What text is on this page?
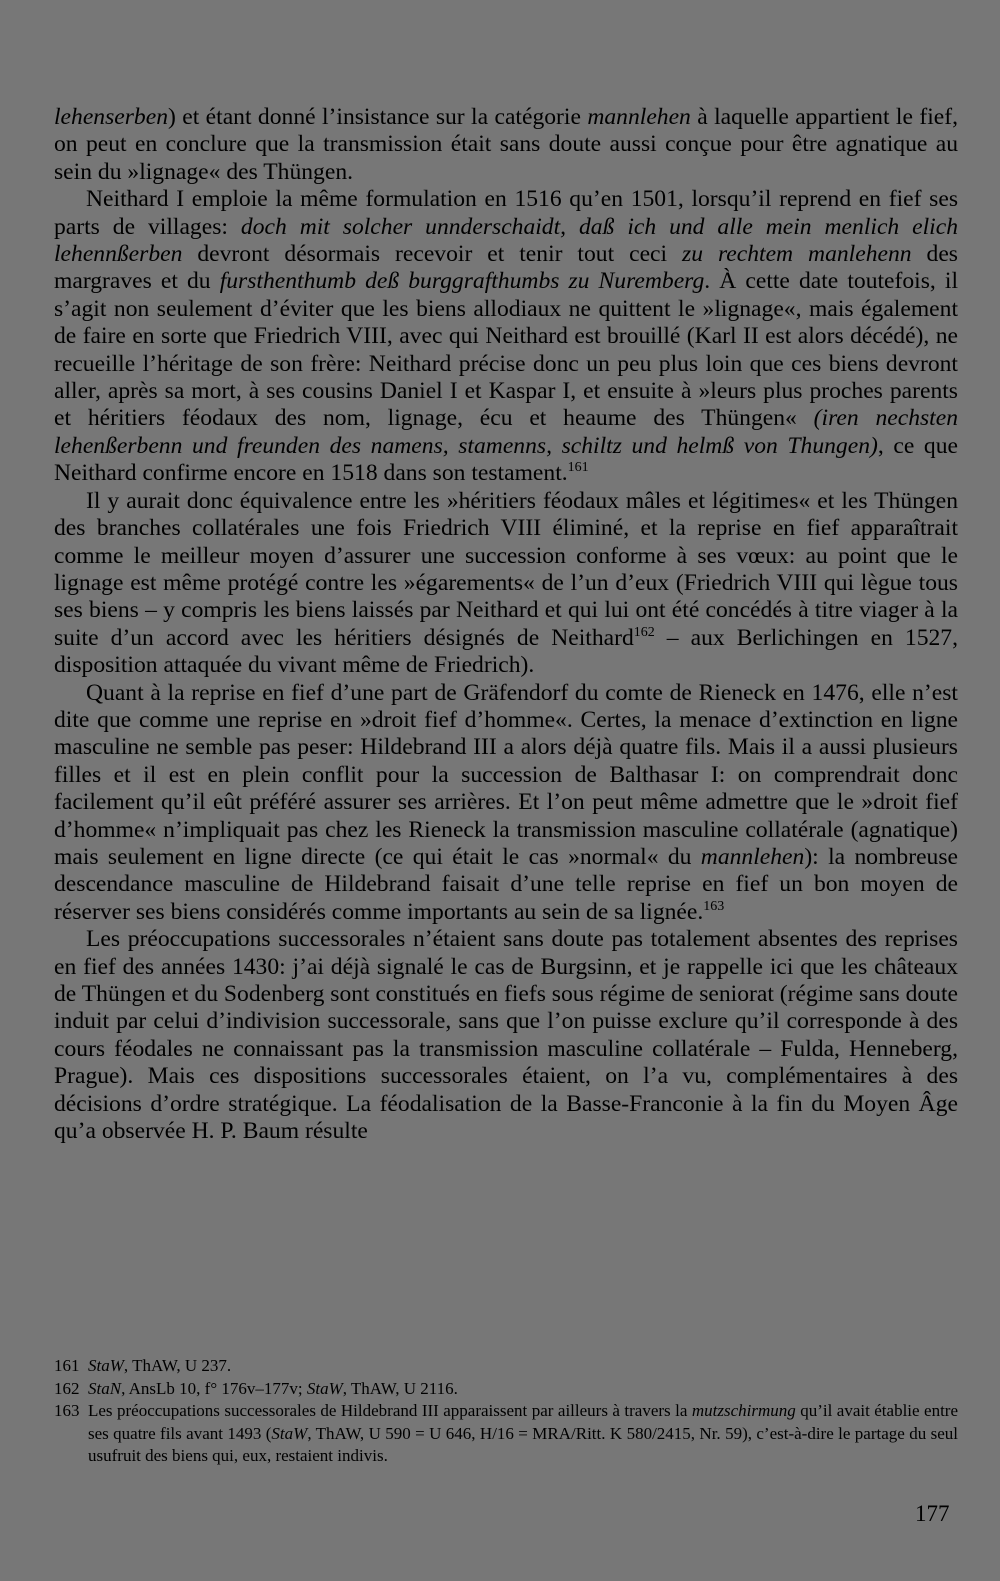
lehenserben) et étant donné l’insistance sur la catégorie mannlehen à laquelle appartient le fief, on peut en conclure que la transmission était sans doute aussi conçue pour être agnatique au sein du »lignage« des Thüngen.

Neithard I emploie la même formulation en 1516 qu’en 1501, lorsqu’il reprend en fief ses parts de villages: doch mit solcher unnderschaidt, daß ich und alle mein menlich elich lehennßerben devront désormais recevoir et tenir tout ceci zu rechtem manlehenn des margraves et du fursthenthumb deß burggrafthumbs zu Nuremberg. À cette date toutefois, il s’agit non seulement d’éviter que les biens allodiaux ne quittent le »lignage«, mais également de faire en sorte que Friedrich VIII, avec qui Neithard est brouillé (Karl II est alors décédé), ne recueille l’héritage de son frère: Neithard précise donc un peu plus loin que ces biens devront aller, après sa mort, à ses cousins Daniel I et Kaspar I, et ensuite à »leurs plus proches parents et héritiers féodaux des nom, lignage, écu et heaume des Thüngen« (iren nechsten lehenßerbenn und freunden des namens, stamenns, schiltz und helmß von Thungen), ce que Neithard confirme encore en 1518 dans son testament.$^{161}$

Il y aurait donc équivalence entre les »héritiers féodaux mâles et légitimes« et les Thüngen des branches collatérales une fois Friedrich VIII éliminé, et la reprise en fief apparaîtrait comme le meilleur moyen d’assurer une succession conforme à ses vœux: au point que le lignage est même protégé contre les »égarements« de l’un d’eux (Friedrich VIII qui lègue tous ses biens – y compris les biens laissés par Neithard et qui lui ont été concédés à titre viager à la suite d’un accord avec les héritiers désignés de Neithard$^{162}$ – aux Berlichingen en 1527, disposition attaquée du vivant même de Friedrich).

Quant à la reprise en fief d’une part de Gräfendorf du comte de Rieneck en 1476, elle n’est dite que comme une reprise en »droit fief d’homme«. Certes, la menace d’extinction en ligne masculine ne semble pas peser: Hildebrand III a alors déjà quatre fils. Mais il a aussi plusieurs filles et il est en plein conflit pour la succession de Balthasar I: on comprendrait donc facilement qu’il eût préféré assurer ses arrières. Et l’on peut même admettre que le »droit fief d’homme« n’impliquait pas chez les Rieneck la transmission masculine collatérale (agnatique) mais seulement en ligne directe (ce qui était le cas »normal« du mannlehen): la nombreuse descendance masculine de Hildebrand faisait d’une telle reprise en fief un bon moyen de réserver ses biens considérés comme importants au sein de sa lignée.$^{163}$

Les préoccupations successorales n’étaient sans doute pas totalement absentes des reprises en fief des années 1430: j’ai déjà signalé le cas de Burgsinn, et je rappelle ici que les châteaux de Thüngen et du Sodenberg sont constitués en fiefs sous régime de seniorat (régime sans doute induit par celui d’indivision successorale, sans que l’on puisse exclure qu’il corresponde à des cours féodales ne connaissant pas la transmission masculine collatérale – Fulda, Henneberg, Prague). Mais ces dispositions successorales étaient, on l’a vu, complémentaires à des décisions d’ordre stratégique. La féodalisation de la Basse-Franconie à la fin du Moyen Âge qu’a observée H. P. Baum résulte

161 StaW, ThAW, U 237.
162 StaN, AnsLb 10, f° 176v–177v; StaW, ThAW, U 2116.
163 Les préoccupations successorales de Hildebrand III apparaissent par ailleurs à travers la mutzschirmung qu’il avait établie entre ses quatre fils avant 1493 (StaW, ThAW, U 590 = U 646, H/16 = MRA/Ritt. K 580/2415, Nr. 59), c’est-à-dire le partage du seul usufruit des biens qui, eux, restaient indivis.
177
